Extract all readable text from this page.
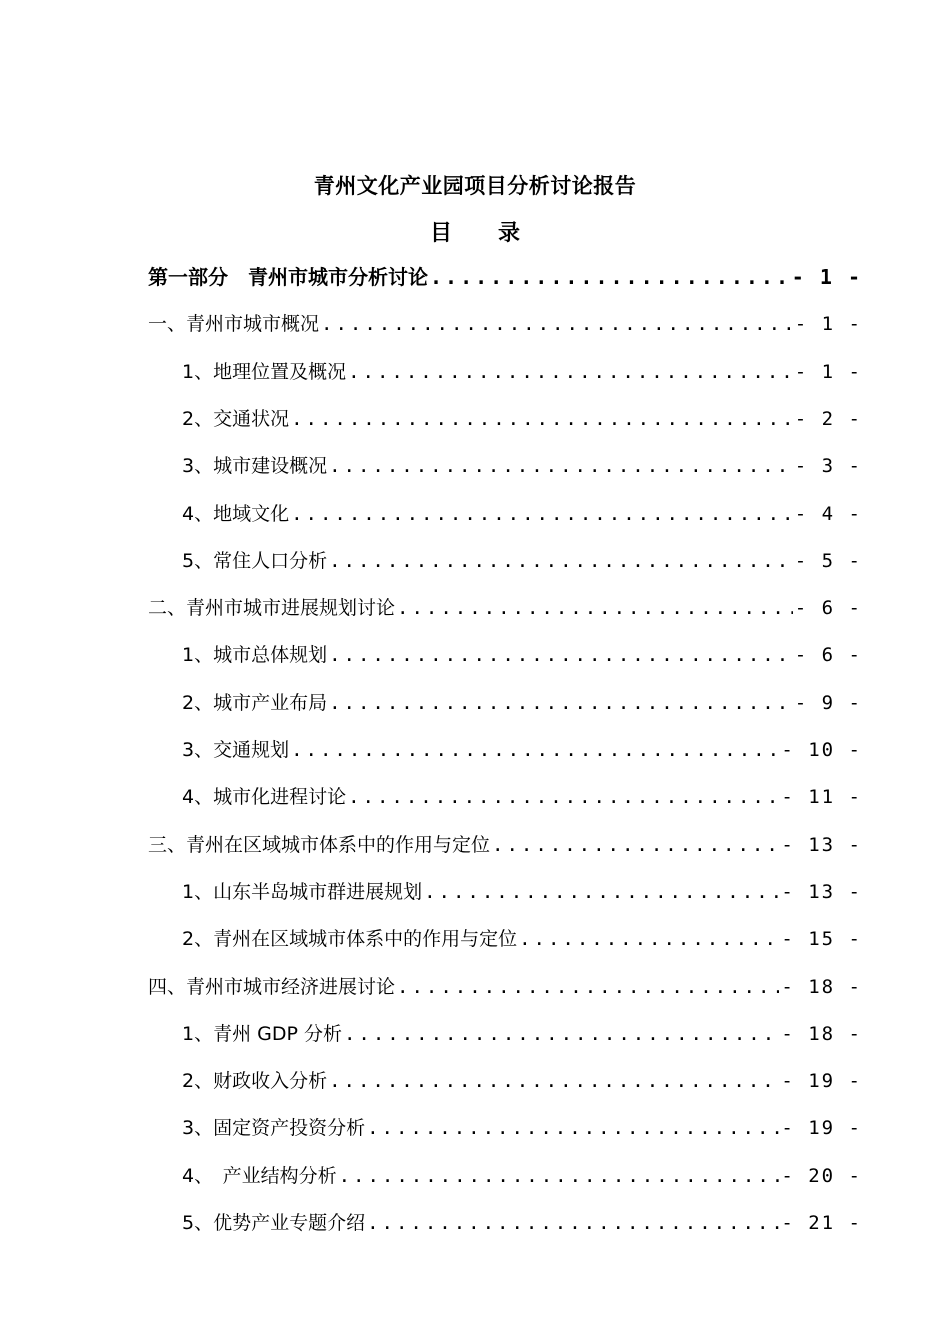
青州文化产业园项目分析讨论报告
目 录
第一部分　青州市城市分析讨论 .....	- 1 -
一、青州市城市概况 .....	- 1 -
1、地理位置及概况 .....	- 1 -
2、交通状况 .....	- 2 -
3、城市建设概况 .....	- 3 -
4、地域文化 .....	- 4 -
5、常住人口分析 .....	- 5 -
二、青州市城市进展规划讨论 .....	- 6 -
1、城市总体规划 .....	- 6 -
2、城市产业布局 .....	- 9 -
3、交通规划 .....	- 10 -
4、城市化进程讨论 .....	- 11 -
三、青州在区域城市体系中的作用与定位 .....	- 13 -
1、山东半岛城市群进展规划 .....	- 13 -
2、青州在区域城市体系中的作用与定位 .....	- 15 -
四、青州市城市经济进展讨论 .....	- 18 -
1、青州 GDP 分析 .....	- 18 -
2、财政收入分析 .....	- 19 -
3、固定资产投资分析 .....	- 19 -
4、　产业结构分析 .....	- 20 -
5、优势产业专题介绍 .....	- 21 -
